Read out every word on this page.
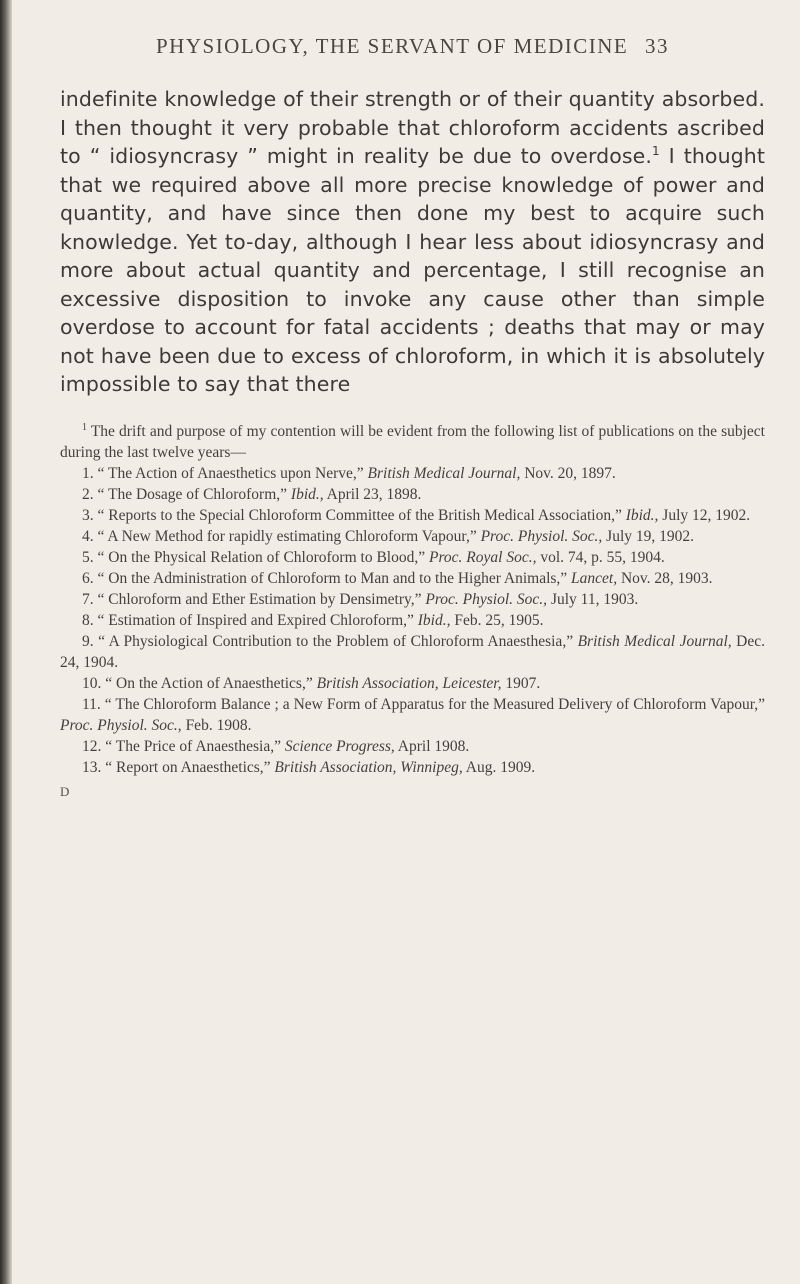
PHYSIOLOGY, THE SERVANT OF MEDICINE 33

indefinite knowledge of their strength or of their quantity absorbed. I then thought it very probable that chloroform accidents ascribed to “ idiosyncrasy ” might in reality be due to overdose.$^1$ I thought that we required above all more precise knowledge of power and quantity, and have since then done my best to acquire such knowledge. Yet to-day, although I hear less about idiosyncrasy and more about actual quantity and percentage, I still recognise an excessive disposition to invoke any cause other than simple overdose to account for fatal accidents ; deaths that may or may not have been due to excess of chloroform, in which it is absolutely impossible to say that there

$^1$ The drift and purpose of my contention will be evident from the following list of publications on the subject during the last twelve years—

1. “ The Action of Anaesthetics upon Nerve,” British Medical Journal, Nov. 20, 1897.
2. “ The Dosage of Chloroform,” Ibid., April 23, 1898.
3. “ Reports to the Special Chloroform Committee of the British Medical Association,” Ibid., July 12, 1902.
4. “ A New Method for rapidly estimating Chloroform Vapour,” Proc. Physiol. Soc., July 19, 1902.
5. “ On the Physical Relation of Chloroform to Blood,” Proc. Royal Soc., vol. 74, p. 55, 1904.
6. “ On the Administration of Chloroform to Man and to the Higher Animals,” Lancet, Nov. 28, 1903.
7. “ Chloroform and Ether Estimation by Densimetry,” Proc. Physiol. Soc., July 11, 1903.
8. “ Estimation of Inspired and Expired Chloroform,” Ibid., Feb. 25, 1905.
9. “ A Physiological Contribution to the Problem of Chloroform Anaesthesia,” British Medical Journal, Dec. 24, 1904.
10. “ On the Action of Anaesthetics,” British Association, Leicester, 1907.
11. “ The Chloroform Balance ; a New Form of Apparatus for the Measured Delivery of Chloroform Vapour,” Proc. Physiol. Soc., Feb. 1908.
12. “ The Price of Anaesthesia,” Science Progress, April 1908.
13. “ Report on Anaesthetics,” British Association, Winnipeg, Aug. 1909.
D
